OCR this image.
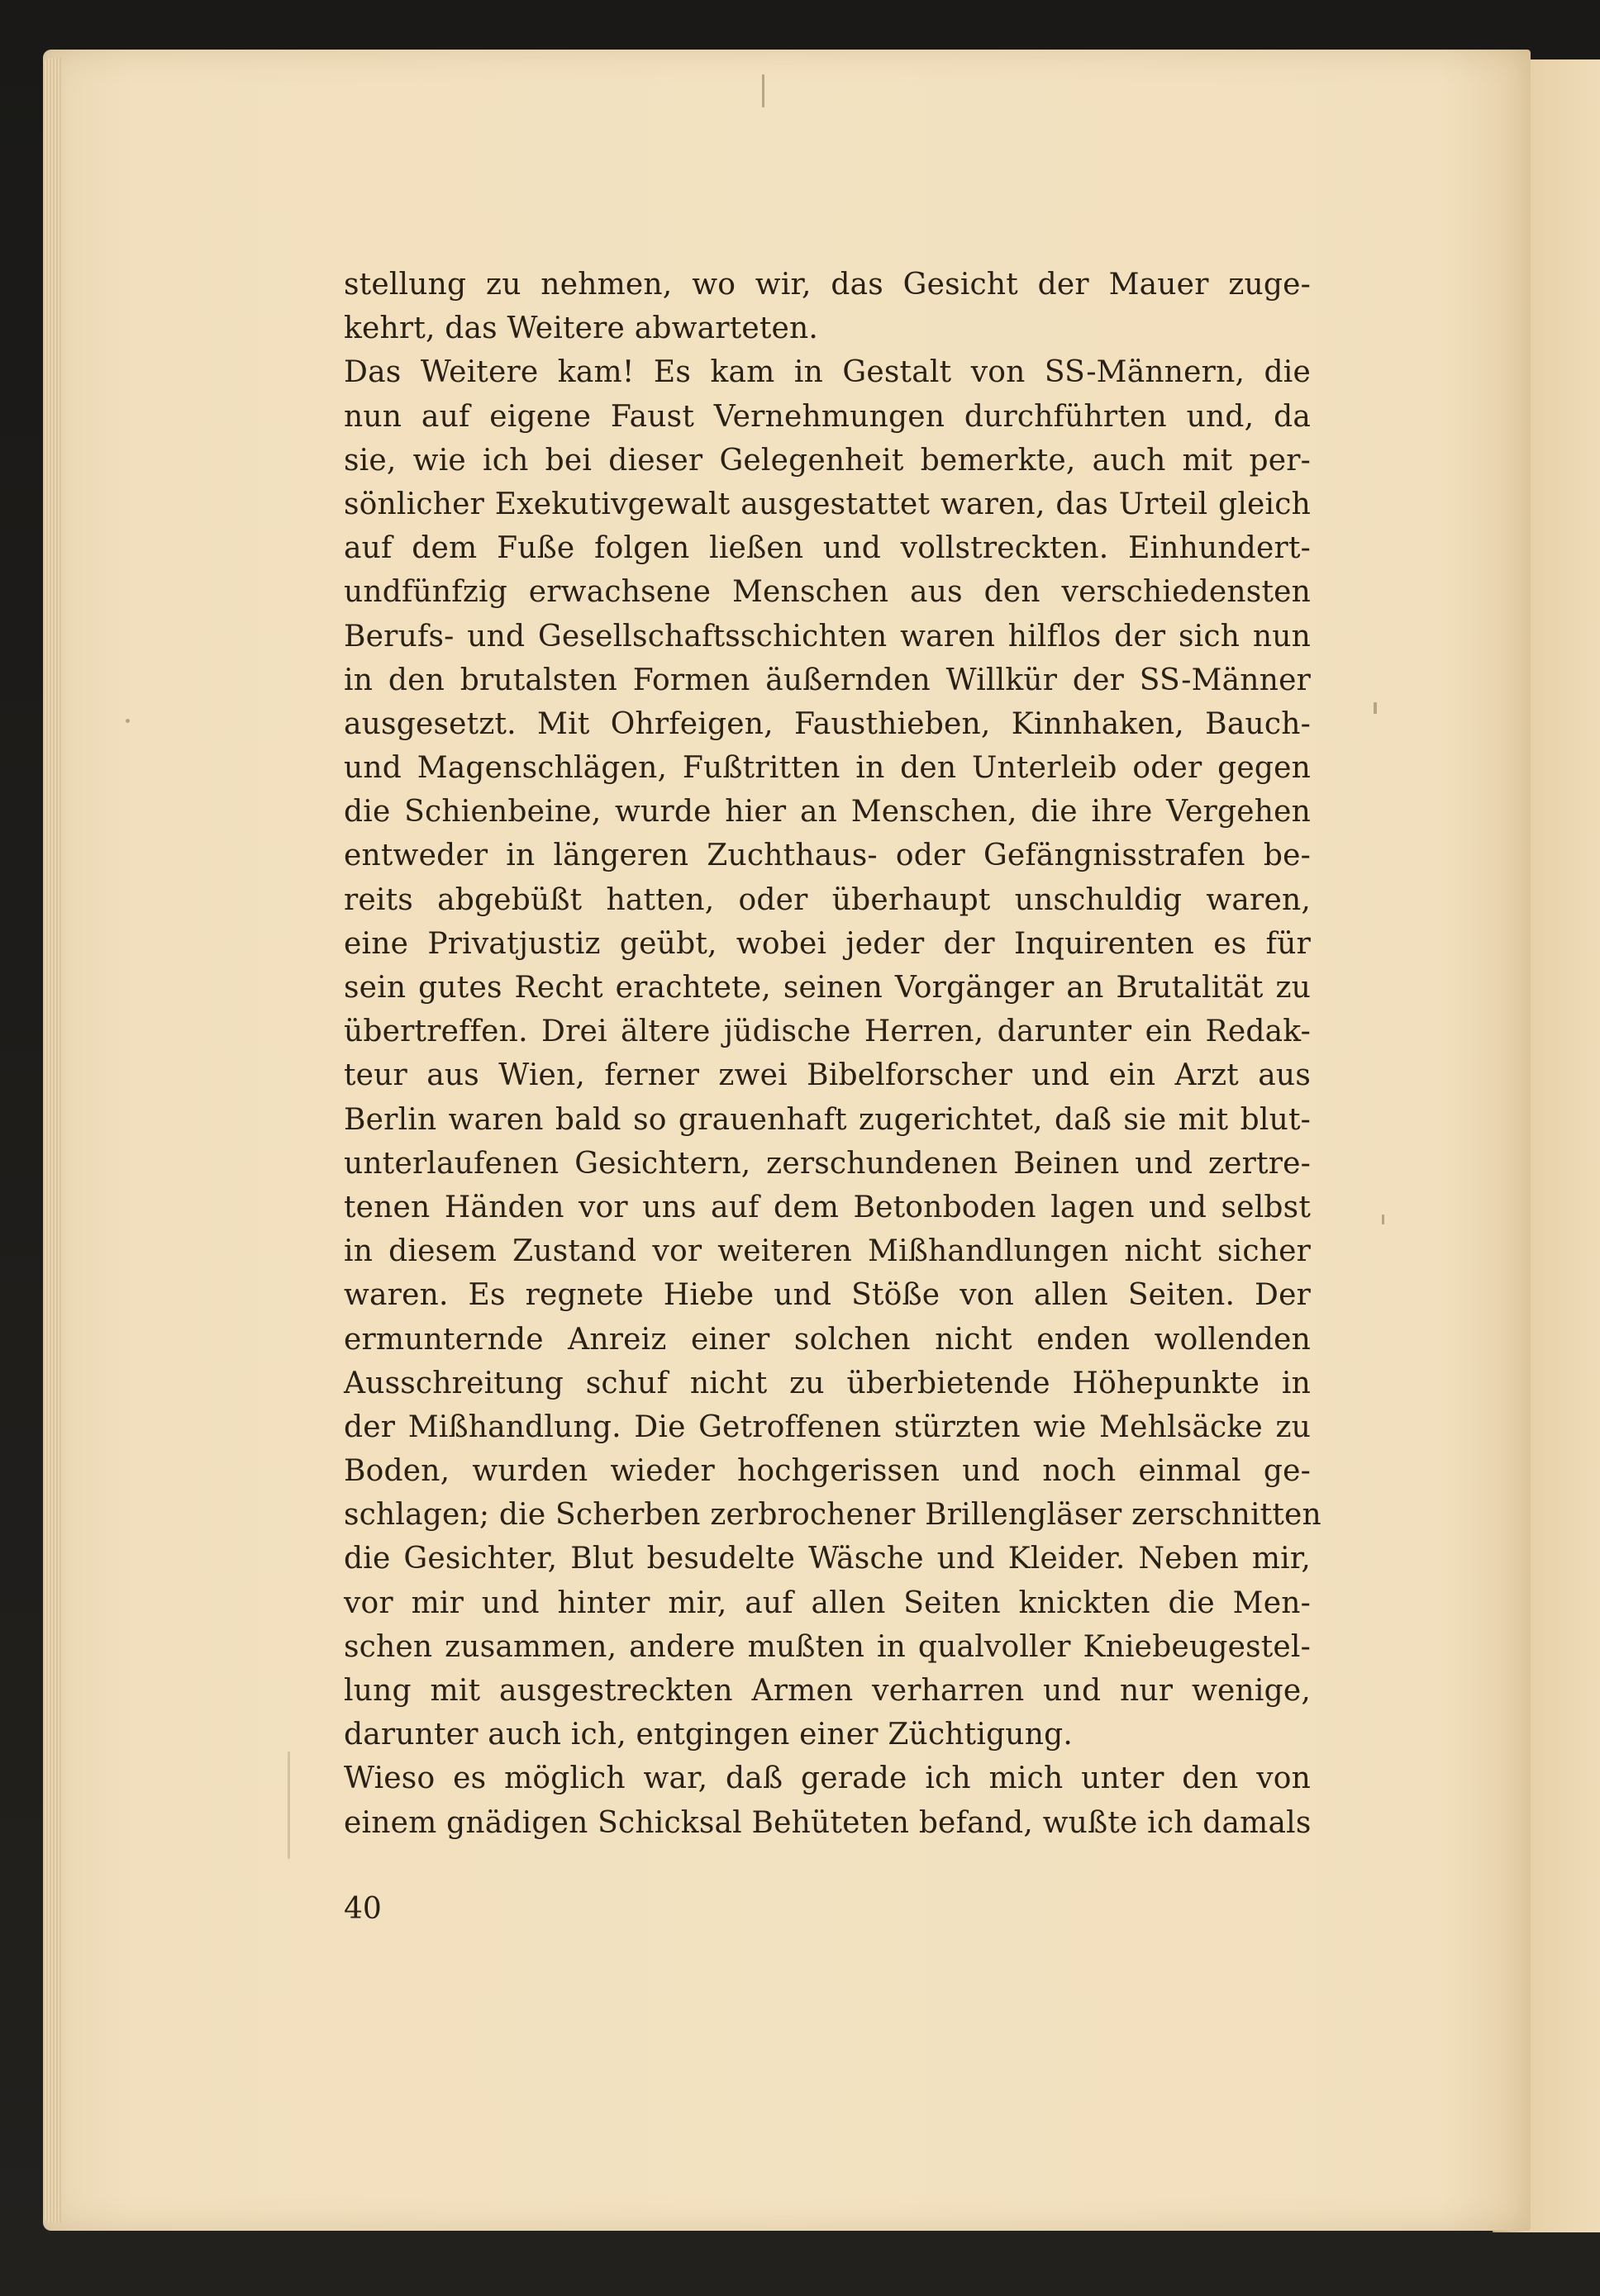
stellung zu nehmen, wo wir, das Gesicht der Mauer zuge-
kehrt, das Weitere abwarteten.
Das Weitere kam! Es kam in Gestalt von SS-Männern, die
nun auf eigene Faust Vernehmungen durchführten und, da
sie, wie ich bei dieser Gelegenheit bemerkte, auch mit per-
sönlicher Exekutivgewalt ausgestattet waren, das Urteil gleich
auf dem Fuße folgen ließen und vollstreckten. Einhundert-
undfünfzig erwachsene Menschen aus den verschiedensten
Berufs- und Gesellschaftsschichten waren hilflos der sich nun
in den brutalsten Formen äußernden Willkür der SS-Männer
ausgesetzt. Mit Ohrfeigen, Fausthieben, Kinnhaken, Bauch-
und Magenschlägen, Fußtritten in den Unterleib oder gegen
die Schienbeine, wurde hier an Menschen, die ihre Vergehen
entweder in längeren Zuchthaus- oder Gefängnisstrafen be-
reits abgebüßt hatten, oder überhaupt unschuldig waren,
eine Privatjustiz geübt, wobei jeder der Inquirenten es für
sein gutes Recht erachtete, seinen Vorgänger an Brutalität zu
übertreffen. Drei ältere jüdische Herren, darunter ein Redak-
teur aus Wien, ferner zwei Bibelforscher und ein Arzt aus
Berlin waren bald so grauenhaft zugerichtet, daß sie mit blut-
unterlaufenen Gesichtern, zerschundenen Beinen und zertre-
tenen Händen vor uns auf dem Betonboden lagen und selbst
in diesem Zustand vor weiteren Mißhandlungen nicht sicher
waren. Es regnete Hiebe und Stöße von allen Seiten. Der
ermunternde Anreiz einer solchen nicht enden wollenden
Ausschreitung schuf nicht zu überbietende Höhepunkte in
der Mißhandlung. Die Getroffenen stürzten wie Mehlsäcke zu
Boden, wurden wieder hochgerissen und noch einmal ge-
schlagen; die Scherben zerbrochener Brillengläser zerschnitten
die Gesichter, Blut besudelte Wäsche und Kleider. Neben mir,
vor mir und hinter mir, auf allen Seiten knickten die Men-
schen zusammen, andere mußten in qualvoller Kniebeugestel-
lung mit ausgestreckten Armen verharren und nur wenige,
darunter auch ich, entgingen einer Züchtigung.
Wieso es möglich war, daß gerade ich mich unter den von
einem gnädigen Schicksal Behüteten befand, wußte ich damals
40
